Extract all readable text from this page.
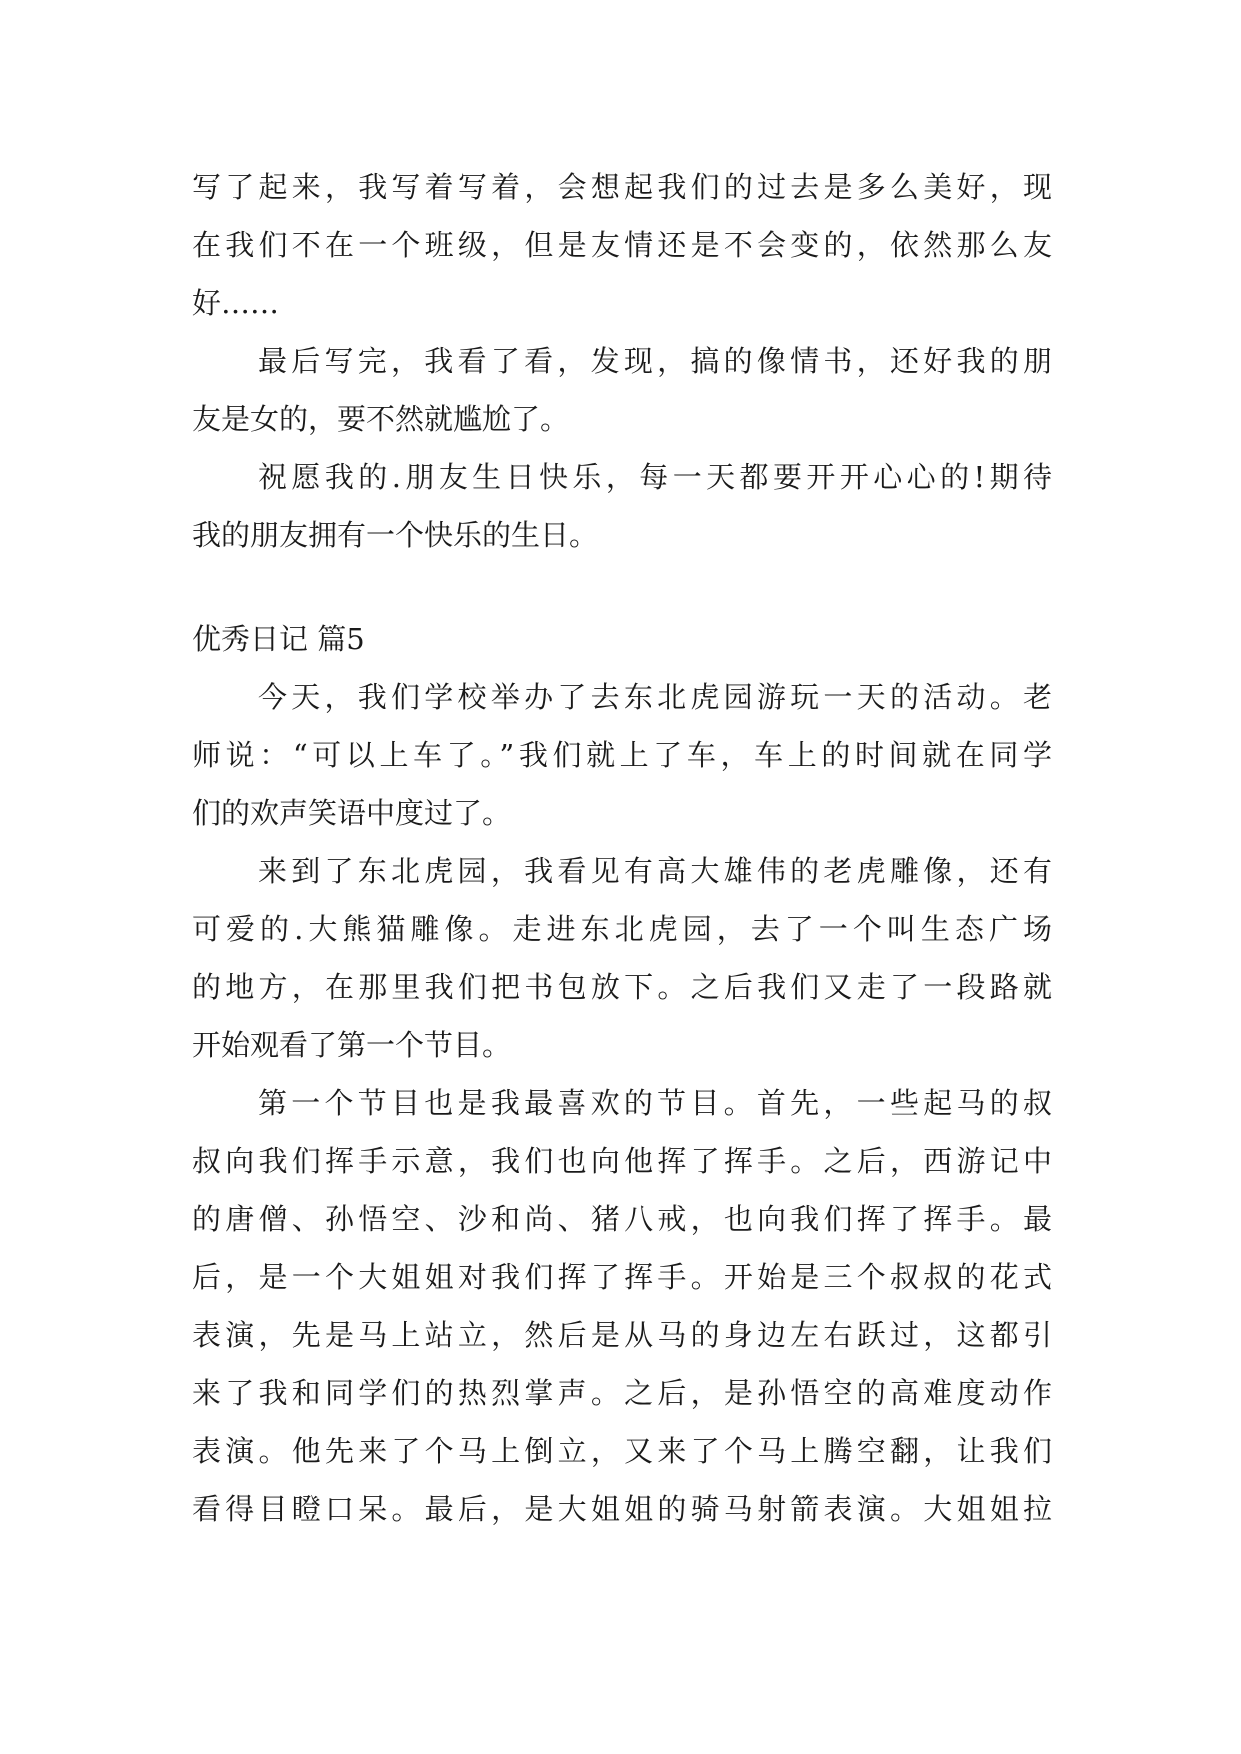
写了起来，我写着写着，会想起我们的过去是多么美好，现
在我们不在一个班级，但是友情还是不会变的，依然那么友
好……
最后写完，我看了看，发现，搞的像情书，还好我的朋
友是女的，要不然就尴尬了。
祝愿我的.朋友生日快乐，每一天都要开开心心的!期待
我的朋友拥有一个快乐的生日。
优秀日记 篇5
今天，我们学校举办了去东北虎园游玩一天的活动。老
师说：“可以上车了。”我们就上了车，车上的时间就在同学
们的欢声笑语中度过了。
来到了东北虎园，我看见有高大雄伟的老虎雕像，还有
可爱的.大熊猫雕像。走进东北虎园，去了一个叫生态广场
的地方，在那里我们把书包放下。之后我们又走了一段路就
开始观看了第一个节目。
第一个节目也是我最喜欢的节目。首先，一些起马的叔
叔向我们挥手示意，我们也向他挥了挥手。之后，西游记中
的唐僧、孙悟空、沙和尚、猪八戒，也向我们挥了挥手。最
后，是一个大姐姐对我们挥了挥手。开始是三个叔叔的花式
表演，先是马上站立，然后是从马的身边左右跃过，这都引
来了我和同学们的热烈掌声。之后，是孙悟空的高难度动作
表演。他先来了个马上倒立，又来了个马上腾空翻，让我们
看得目瞪口呆。最后，是大姐姐的骑马射箭表演。大姐姐拉
